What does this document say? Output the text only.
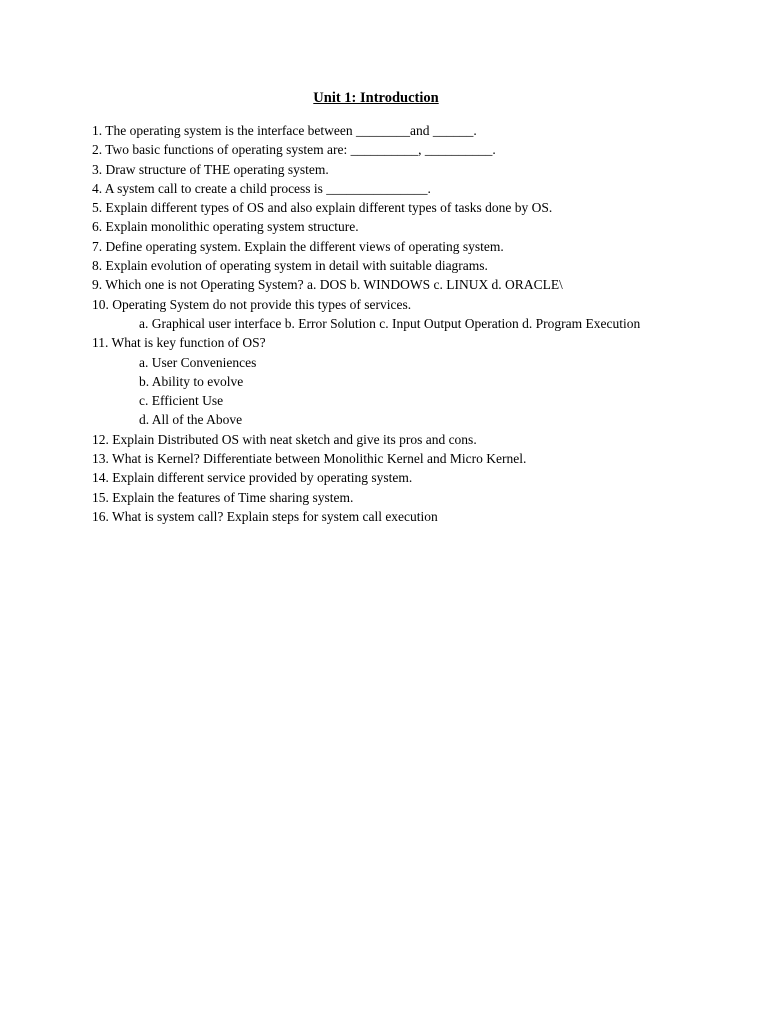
Unit 1: Introduction
1. The operating system is the interface between ________and ______.
2. Two basic functions of operating system are: __________, __________.
3. Draw structure of THE operating system.
4. A system call to create a child process is _______________.
5. Explain different types of OS and also explain different types of tasks done by OS.
6. Explain monolithic operating system structure.
7. Define operating system. Explain the different views of operating system.
8. Explain evolution of operating system in detail with suitable diagrams.
9. Which one is not Operating System? a. DOS b. WINDOWS c. LINUX d. ORACLE\
10. Operating System do not provide this types of services.
a. Graphical user interface b. Error Solution c. Input Output Operation d. Program Execution
11. What is key function of OS?
a. User Conveniences
b. Ability to evolve
c. Efficient Use
d. All of the Above
12. Explain Distributed OS with neat sketch and give its pros and cons.
13. What is Kernel? Differentiate between Monolithic Kernel and Micro Kernel.
14. Explain different service provided by operating system.
15. Explain the features of Time sharing system.
16. What is system call? Explain steps for system call execution
